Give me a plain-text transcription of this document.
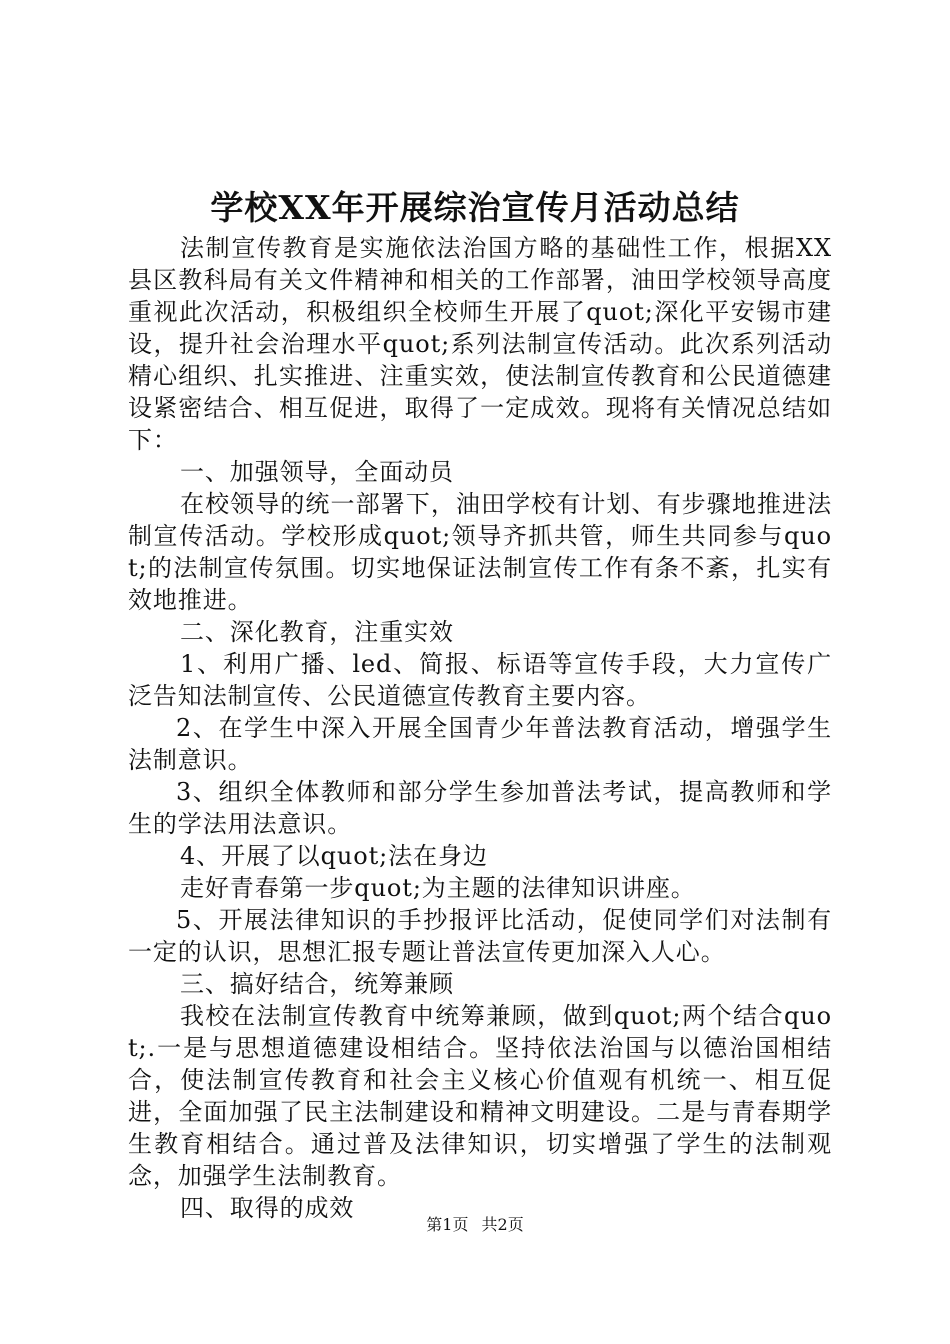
学校XX年开展综治宣传月活动总结

法制宣传教育是实施依法治国方略的基础性工作，根据XX县区教科局有关文件精神和相关的工作部署，油田学校领导高度重视此次活动，积极组织全校师生开展了quot;深化平安锡市建设，提升社会治理水平quot;系列法制宣传活动。此次系列活动精心组织、扎实推进、注重实效，使法制宣传教育和公民道德建设紧密结合、相互促进，取得了一定成效。现将有关情况总结如下：

一、加强领导，全面动员

在校领导的统一部署下，油田学校有计划、有步骤地推进法制宣传活动。学校形成quot;领导齐抓共管，师生共同参与quot;的法制宣传氛围。切实地保证法制宣传工作有条不紊，扎实有效地推进。

二、深化教育，注重实效

1、利用广播、led、简报、标语等宣传手段，大力宣传广泛告知法制宣传、公民道德宣传教育主要内容。

2、在学生中深入开展全国青少年普法教育活动，增强学生法制意识。

3、组织全体教师和部分学生参加普法考试，提高教师和学生的学法用法意识。

4、开展了以quot;法在身边

走好青春第一步quot;为主题的法律知识讲座。

5、开展法律知识的手抄报评比活动，促使同学们对法制有一定的认识，思想汇报专题让普法宣传更加深入人心。

三、搞好结合，统筹兼顾

我校在法制宣传教育中统筹兼顾，做到quot;两个结合quot;.一是与思想道德建设相结合。坚持依法治国与以德治国相结合，使法制宣传教育和社会主义核心价值观有机统一、相互促进，全面加强了民主法制建设和精神文明建设。二是与青春期学生教育相结合。通过普及法律知识，切实增强了学生的法制观念，加强学生法制教育。

四、取得的成效

第1页 共2页
